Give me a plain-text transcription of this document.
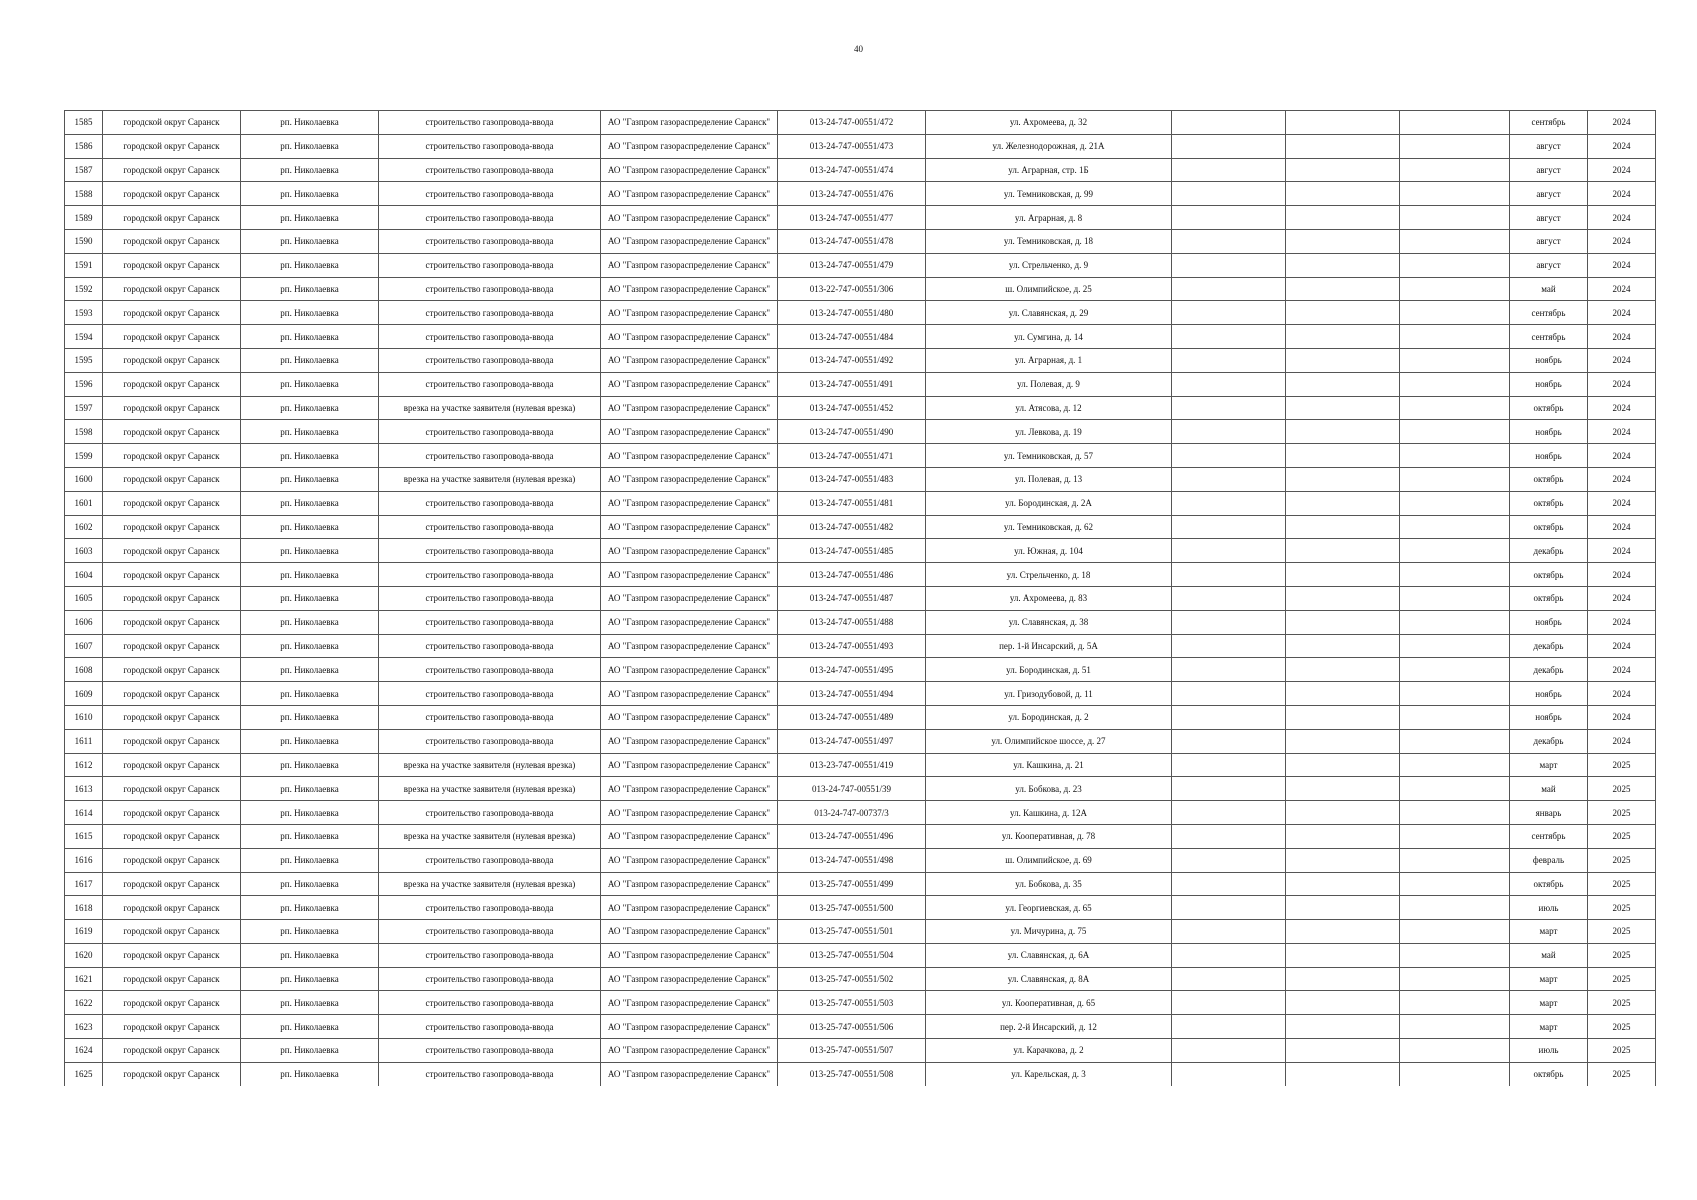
40
1585	городской округ Саранск	рп. Николаевка	строительство газопровода-ввода	АО "Газпром газораспределение Саранск"	013-24-747-00551/472	ул. Ахромеева, д. 32				сентябрь	2024
1586	городской округ Саранск	рп. Николаевка	строительство газопровода-ввода	АО "Газпром газораспределение Саранск"	013-24-747-00551/473	ул. Железнодорожная, д. 21А				август	2024
1587	городской округ Саранск	рп. Николаевка	строительство газопровода-ввода	АО "Газпром газораспределение Саранск"	013-24-747-00551/474	ул. Аграрная, стр. 1Б				август	2024
1588	городской округ Саранск	рп. Николаевка	строительство газопровода-ввода	АО "Газпром газораспределение Саранск"	013-24-747-00551/476	ул. Темниковская, д. 99				август	2024
1589	городской округ Саранск	рп. Николаевка	строительство газопровода-ввода	АО "Газпром газораспределение Саранск"	013-24-747-00551/477	ул. Аграрная, д. 8				август	2024
1590	городской округ Саранск	рп. Николаевка	строительство газопровода-ввода	АО "Газпром газораспределение Саранск"	013-24-747-00551/478	ул. Темниковская, д. 18				август	2024
1591	городской округ Саранск	рп. Николаевка	строительство газопровода-ввода	АО "Газпром газораспределение Саранск"	013-24-747-00551/479	ул. Стрельченко, д. 9				август	2024
1592	городской округ Саранск	рп. Николаевка	строительство газопровода-ввода	АО "Газпром газораспределение Саранск"	013-22-747-00551/306	ш. Олимпийское, д. 25				май	2024
1593	городской округ Саранск	рп. Николаевка	строительство газопровода-ввода	АО "Газпром газораспределение Саранск"	013-24-747-00551/480	ул. Славянская, д. 29				сентябрь	2024
1594	городской округ Саранск	рп. Николаевка	строительство газопровода-ввода	АО "Газпром газораспределение Саранск"	013-24-747-00551/484	ул. Сумгина, д. 14				сентябрь	2024
1595	городской округ Саранск	рп. Николаевка	строительство газопровода-ввода	АО "Газпром газораспределение Саранск"	013-24-747-00551/492	ул. Аграрная, д. 1				ноябрь	2024
1596	городской округ Саранск	рп. Николаевка	строительство газопровода-ввода	АО "Газпром газораспределение Саранск"	013-24-747-00551/491	ул. Полевая, д. 9				ноябрь	2024
1597	городской округ Саранск	рп. Николаевка	врезка на участке заявителя (нулевая врезка)	АО "Газпром газораспределение Саранск"	013-24-747-00551/452	ул. Атясова, д. 12				октябрь	2024
1598	городской округ Саранск	рп. Николаевка	строительство газопровода-ввода	АО "Газпром газораспределение Саранск"	013-24-747-00551/490	ул. Левкова, д. 19				ноябрь	2024
1599	городской округ Саранск	рп. Николаевка	строительство газопровода-ввода	АО "Газпром газораспределение Саранск"	013-24-747-00551/471	ул. Темниковская, д. 57				ноябрь	2024
1600	городской округ Саранск	рп. Николаевка	врезка на участке заявителя (нулевая врезка)	АО "Газпром газораспределение Саранск"	013-24-747-00551/483	ул. Полевая, д. 13				октябрь	2024
1601	городской округ Саранск	рп. Николаевка	строительство газопровода-ввода	АО "Газпром газораспределение Саранск"	013-24-747-00551/481	ул. Бородинская, д. 2А				октябрь	2024
1602	городской округ Саранск	рп. Николаевка	строительство газопровода-ввода	АО "Газпром газораспределение Саранск"	013-24-747-00551/482	ул. Темниковская, д. 62				октябрь	2024
1603	городской округ Саранск	рп. Николаевка	строительство газопровода-ввода	АО "Газпром газораспределение Саранск"	013-24-747-00551/485	ул. Южная, д. 104				декабрь	2024
1604	городской округ Саранск	рп. Николаевка	строительство газопровода-ввода	АО "Газпром газораспределение Саранск"	013-24-747-00551/486	ул. Стрельченко, д. 18				октябрь	2024
1605	городской округ Саранск	рп. Николаевка	строительство газопровода-ввода	АО "Газпром газораспределение Саранск"	013-24-747-00551/487	ул. Ахромеева, д. 83				октябрь	2024
1606	городской округ Саранск	рп. Николаевка	строительство газопровода-ввода	АО "Газпром газораспределение Саранск"	013-24-747-00551/488	ул. Славянская, д. 38				ноябрь	2024
1607	городской округ Саранск	рп. Николаевка	строительство газопровода-ввода	АО "Газпром газораспределение Саранск"	013-24-747-00551/493	пер. 1-й Инсарский, д. 5А				декабрь	2024
1608	городской округ Саранск	рп. Николаевка	строительство газопровода-ввода	АО "Газпром газораспределение Саранск"	013-24-747-00551/495	ул. Бородинская, д. 51				декабрь	2024
1609	городской округ Саранск	рп. Николаевка	строительство газопровода-ввода	АО "Газпром газораспределение Саранск"	013-24-747-00551/494	ул. Гризодубовой, д. 11				ноябрь	2024
1610	городской округ Саранск	рп. Николаевка	строительство газопровода-ввода	АО "Газпром газораспределение Саранск"	013-24-747-00551/489	ул. Бородинская, д. 2				ноябрь	2024
1611	городской округ Саранск	рп. Николаевка	строительство газопровода-ввода	АО "Газпром газораспределение Саранск"	013-24-747-00551/497	ул. Олимпийское шоссе, д. 27				декабрь	2024
1612	городской округ Саранск	рп. Николаевка	врезка на участке заявителя (нулевая врезка)	АО "Газпром газораспределение Саранск"	013-23-747-00551/419	ул. Кашкина, д. 21				март	2025
1613	городской округ Саранск	рп. Николаевка	врезка на участке заявителя (нулевая врезка)	АО "Газпром газораспределение Саранск"	013-24-747-00551/39	ул. Бобкова, д. 23				май	2025
1614	городской округ Саранск	рп. Николаевка	строительство газопровода-ввода	АО "Газпром газораспределение Саранск"	013-24-747-00737/3	ул. Кашкина, д. 12А				январь	2025
1615	городской округ Саранск	рп. Николаевка	врезка на участке заявителя (нулевая врезка)	АО "Газпром газораспределение Саранск"	013-24-747-00551/496	ул. Кооперативная, д. 78				сентябрь	2025
1616	городской округ Саранск	рп. Николаевка	строительство газопровода-ввода	АО "Газпром газораспределение Саранск"	013-24-747-00551/498	ш. Олимпийское, д. 69				февраль	2025
1617	городской округ Саранск	рп. Николаевка	врезка на участке заявителя (нулевая врезка)	АО "Газпром газораспределение Саранск"	013-25-747-00551/499	ул. Бобкова, д. 35				октябрь	2025
1618	городской округ Саранск	рп. Николаевка	строительство газопровода-ввода	АО "Газпром газораспределение Саранск"	013-25-747-00551/500	ул. Георгиевская, д. 65				июль	2025
1619	городской округ Саранск	рп. Николаевка	строительство газопровода-ввода	АО "Газпром газораспределение Саранск"	013-25-747-00551/501	ул. Мичурина, д. 75				март	2025
1620	городской округ Саранск	рп. Николаевка	строительство газопровода-ввода	АО "Газпром газораспределение Саранск"	013-25-747-00551/504	ул. Славянская, д. 6А				май	2025
1621	городской округ Саранск	рп. Николаевка	строительство газопровода-ввода	АО "Газпром газораспределение Саранск"	013-25-747-00551/502	ул. Славянская, д. 8А				март	2025
1622	городской округ Саранск	рп. Николаевка	строительство газопровода-ввода	АО "Газпром газораспределение Саранск"	013-25-747-00551/503	ул. Кооперативная, д. 65				март	2025
1623	городской округ Саранск	рп. Николаевка	строительство газопровода-ввода	АО "Газпром газораспределение Саранск"	013-25-747-00551/506	пер. 2-й Инсарский, д. 12				март	2025
1624	городской округ Саранск	рп. Николаевка	строительство газопровода-ввода	АО "Газпром газораспределение Саранск"	013-25-747-00551/507	ул. Карачкова, д. 2				июль	2025
1625	городской округ Саранск	рп. Николаевка	строительство газопровода-ввода	АО "Газпром газораспределение Саранск"	013-25-747-00551/508	ул. Карельская, д. 3				октябрь	2025
